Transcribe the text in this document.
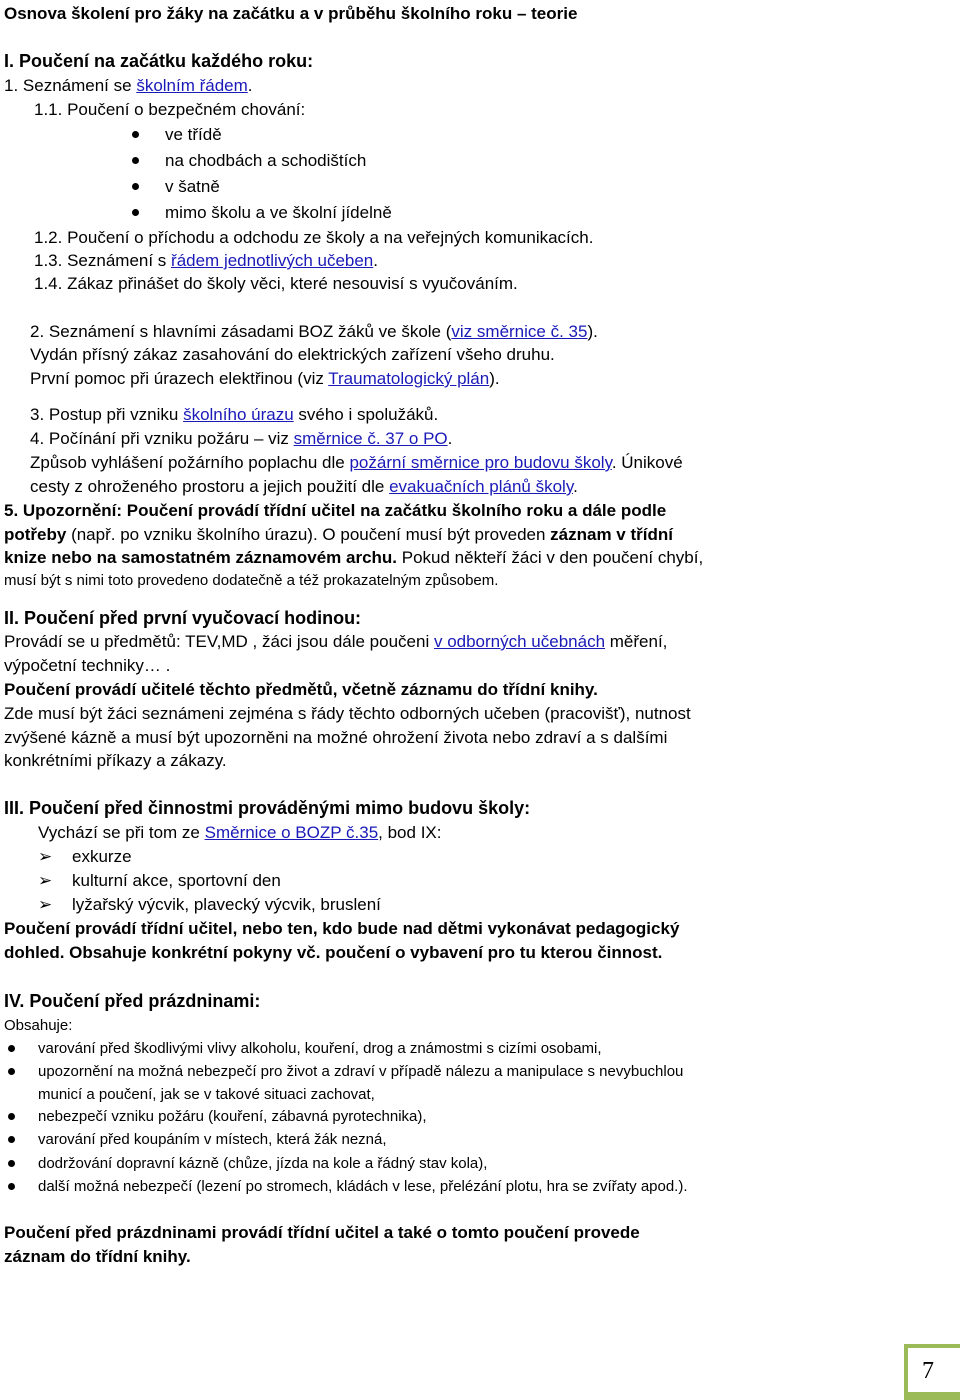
Osnova školení pro žáky na začátku a v průběhu školního roku – teorie
I. Poučení na začátku každého roku:
1. Seznámení se školním řádem.
1.1. Poučení o bezpečném chování:
ve třídě
na chodbách a schodištích
v šatně
mimo školu a ve školní jídelně
1.2. Poučení o příchodu a odchodu ze školy a na veřejných komunikacích.
1.3. Seznámení s řádem jednotlivých učeben.
1.4. Zákaz přinášet do školy věci, které nesouvisí s vyučováním.
2. Seznámení s hlavními zásadami BOZ žáků ve škole (viz směrnice č. 35).
Vydán přísný zákaz zasahování do elektrických zařízení všeho druhu.
První pomoc při úrazech elektřinou (viz Traumatologický plán).
3. Postup při vzniku školního úrazu svého i spolužáků.
4. Počínání při vzniku požáru – viz směrnice č. 37 o PO.
Způsob vyhlášení požárního poplachu dle požární směrnice pro budovu školy. Únikové
cesty z ohroženého prostoru a jejich použití dle evakuačních plánů školy.
5. Upozornění: Poučení provádí třídní učitel na začátku školního roku a dále podle
potřeby (např. po vzniku školního úrazu). O poučení musí být proveden záznam v třídní
knize nebo na samostatném záznamovém archu. Pokud někteří žáci v den poučení chybí,
musí být s nimi toto provedeno dodatečně a též prokazatelným způsobem.
II. Poučení před první vyučovací hodinou:
Provádí se u předmětů: TEV,MD , žáci jsou dále poučeni v odborných učebnách měření,
výpočetní techniky… .
Poučení provádí učitelé těchto předmětů, včetně záznamu do třídní knihy.
Zde musí být žáci seznámeni zejména s řády těchto odborných učeben (pracovišť), nutnost
zvýšené kázně a musí být upozorněni na možné ohrožení života nebo zdraví a s dalšími
konkrétními příkazy a zákazy.
III. Poučení před činnostmi prováděnými mimo budovu školy:
Vychází se při tom ze Směrnice o BOZP č.35, bod IX:
➢ exkurze
➢ kulturní akce, sportovní den
➢ lyžařský výcvik, plavecký výcvik, bruslení
Poučení provádí třídní učitel, nebo ten, kdo bude nad dětmi vykonávat pedagogický
dohled. Obsahuje konkrétní pokyny vč. poučení o vybavení pro tu kterou činnost.
IV. Poučení před prázdninami:
Obsahuje:
varování před škodlivými vlivy alkoholu, kouření, drog a známostmi s cizími osobami,
upozornění na možná nebezpečí pro život a zdraví v případě nálezu a manipulace s nevybuchlou
municí a poučení, jak se v takové situaci zachovat,
nebezpečí vzniku požáru (kouření, zábavná pyrotechnika),
varování před koupáním v místech, která žák nezná,
dodržování dopravní kázně (chůze, jízda na kole a řádný stav kola),
další možná nebezpečí (lezení po stromech, kládách v lese, přelézání plotu, hra se zvířaty apod.).
Poučení před prázdninami provádí třídní učitel a také o tomto poučení provede
záznam do třídní knihy.
7
